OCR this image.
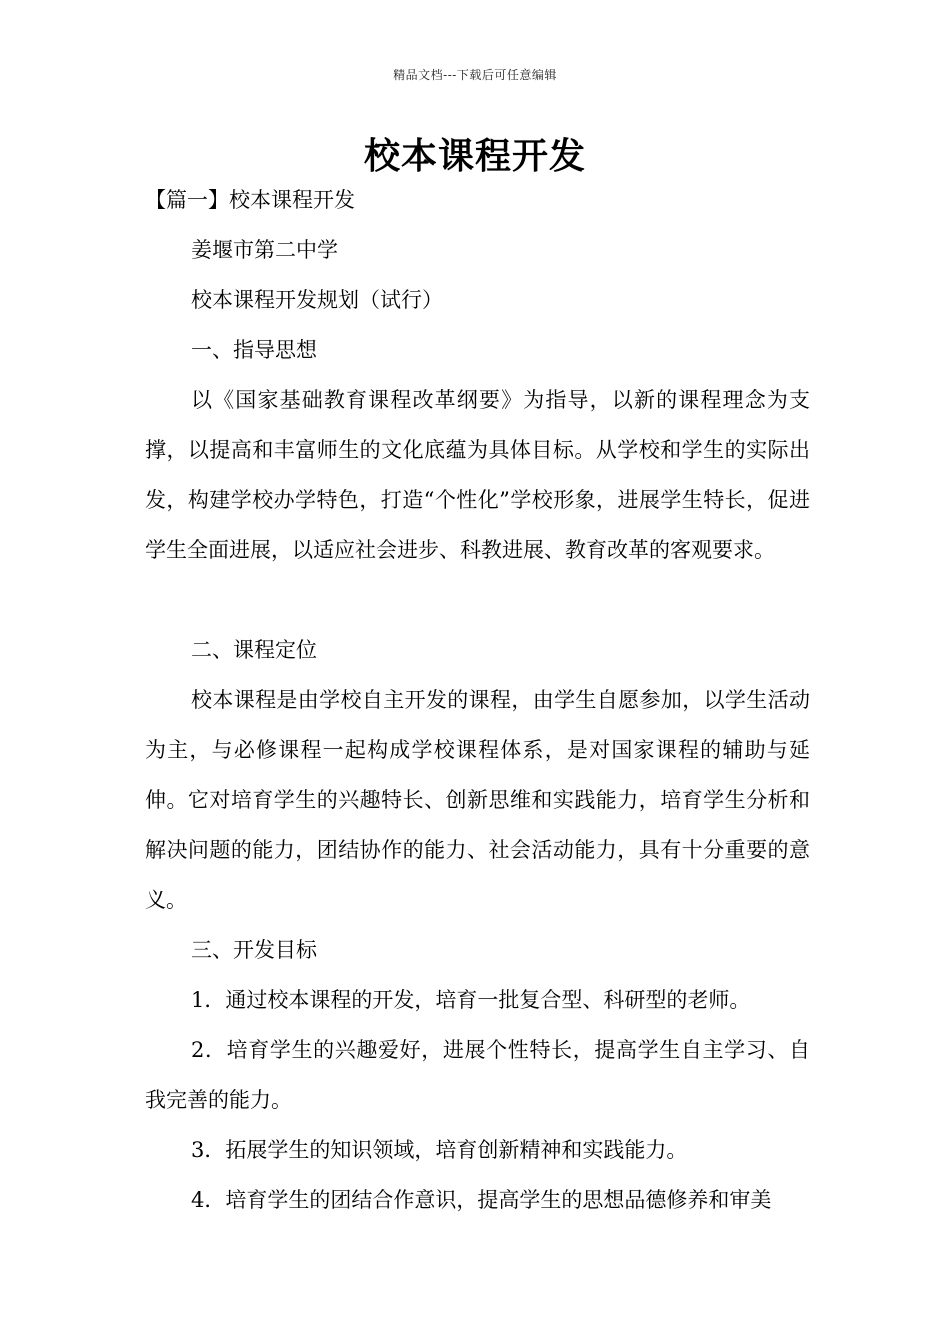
精品文档---下载后可任意编辑
校本课程开发
【篇一】校本课程开发
姜堰市第二中学
校本课程开发规划（试行）
一、指导思想
以《国家基础教育课程改革纲要》为指导，以新的课程理念为支撑，以提高和丰富师生的文化底蕴为具体目标。从学校和学生的实际出发，构建学校办学特色，打造“个性化”学校形象，进展学生特长，促进学生全面进展，以适应社会进步、科教进展、教育改革的客观要求。
二、课程定位
校本课程是由学校自主开发的课程，由学生自愿参加，以学生活动为主，与必修课程一起构成学校课程体系，是对国家课程的辅助与延伸。它对培育学生的兴趣特长、创新思维和实践能力，培育学生分析和解决问题的能力，团结协作的能力、社会活动能力，具有十分重要的意义。
三、开发目标
1．通过校本课程的开发，培育一批复合型、科研型的老师。
2．培育学生的兴趣爱好，进展个性特长，提高学生自主学习、自我完善的能力。
3．拓展学生的知识领域，培育创新精神和实践能力。
4．培育学生的团结合作意识，提高学生的思想品德修养和审美
